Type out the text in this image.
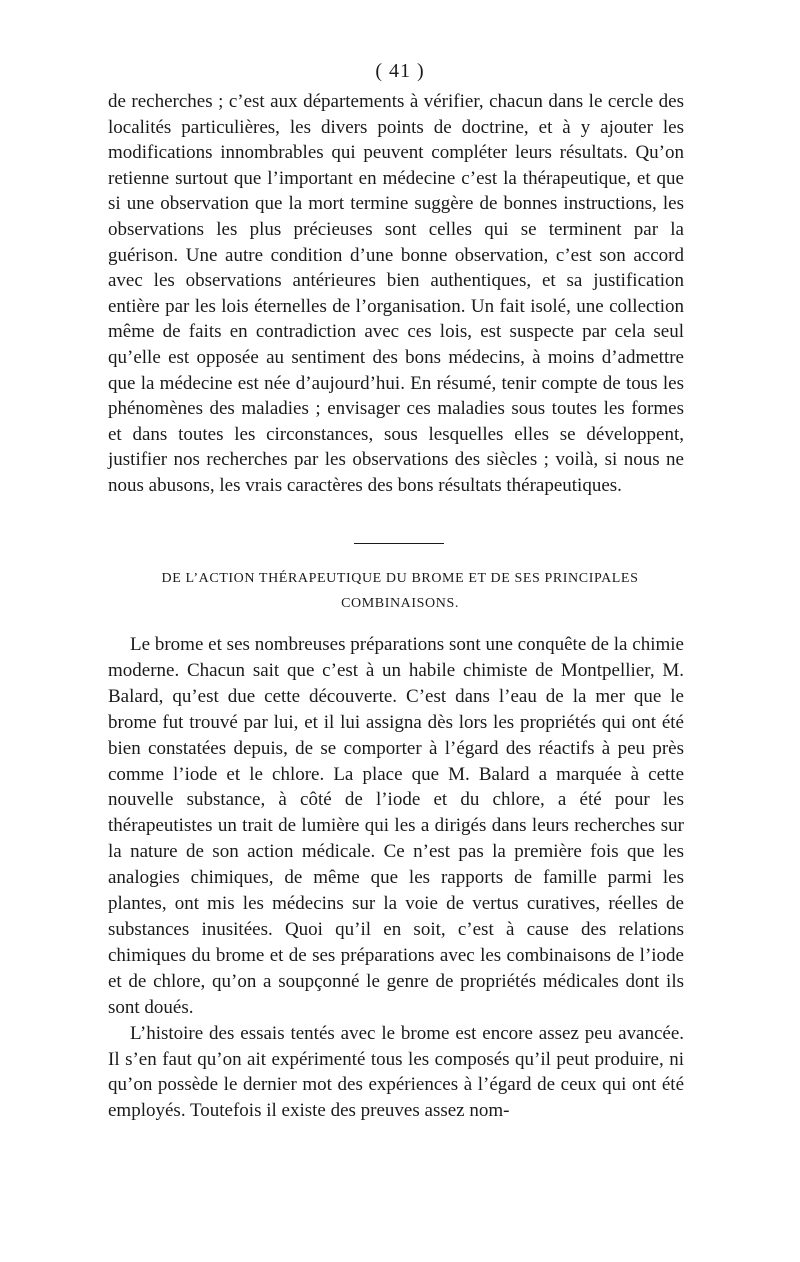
( 41 )

de recherches ; c’est aux départements à vérifier, chacun dans le cercle des localités particulières, les divers points de doctrine, et à y ajouter les modifications innombrables qui peuvent compléter leurs résultats. Qu’on retienne surtout que l’important en médecine c’est la thérapeutique, et que si une observation que la mort termine suggère de bonnes instructions, les observations les plus précieuses sont celles qui se terminent par la guérison. Une autre condition d’une bonne observation, c’est son accord avec les observations antérieures bien authentiques, et sa justification entière par les lois éternelles de l’organisation. Un fait isolé, une collection même de faits en contradiction avec ces lois, est suspecte par cela seul qu’elle est opposée au sentiment des bons médecins, à moins d’admettre que la médecine est née d’aujourd’hui. En résumé, tenir compte de tous les phénomènes des maladies ; envisager ces maladies sous toutes les formes et dans toutes les circonstances, sous lesquelles elles se développent, justifier nos recherches par les observations des siècles ; voilà, si nous ne nous abusons, les vrais caractères des bons résultats thérapeutiques.

DE L’ACTION THÉRAPEUTIQUE DU BROME ET DE SES PRINCIPALES
COMBINAISONS.

Le brome et ses nombreuses préparations sont une conquête de la chimie moderne. Chacun sait que c’est à un habile chimiste de Montpellier, M. Balard, qu’est due cette découverte. C’est dans l’eau de la mer que le brome fut trouvé par lui, et il lui assigna dès lors les propriétés qui ont été bien constatées depuis, de se comporter à l’égard des réactifs à peu près comme l’iode et le chlore. La place que M. Balard a marquée à cette nouvelle substance, à côté de l’iode et du chlore, a été pour les thérapeutistes un trait de lumière qui les a dirigés dans leurs recherches sur la nature de son action médicale. Ce n’est pas la première fois que les analogies chimiques, de même que les rapports de famille parmi les plantes, ont mis les médecins sur la voie de vertus curatives, réelles de substances inusitées. Quoi qu’il en soit, c’est à cause des relations chimiques du brome et de ses préparations avec les combinaisons de l’iode et de chlore, qu’on a soupçonné le genre de propriétés médicales dont ils sont doués.

L’histoire des essais tentés avec le brome est encore assez peu avancée. Il s’en faut qu’on ait expérimenté tous les composés qu’il peut produire, ni qu’on possède le dernier mot des expériences à l’égard de ceux qui ont été employés. Toutefois il existe des preuves assez nom-
